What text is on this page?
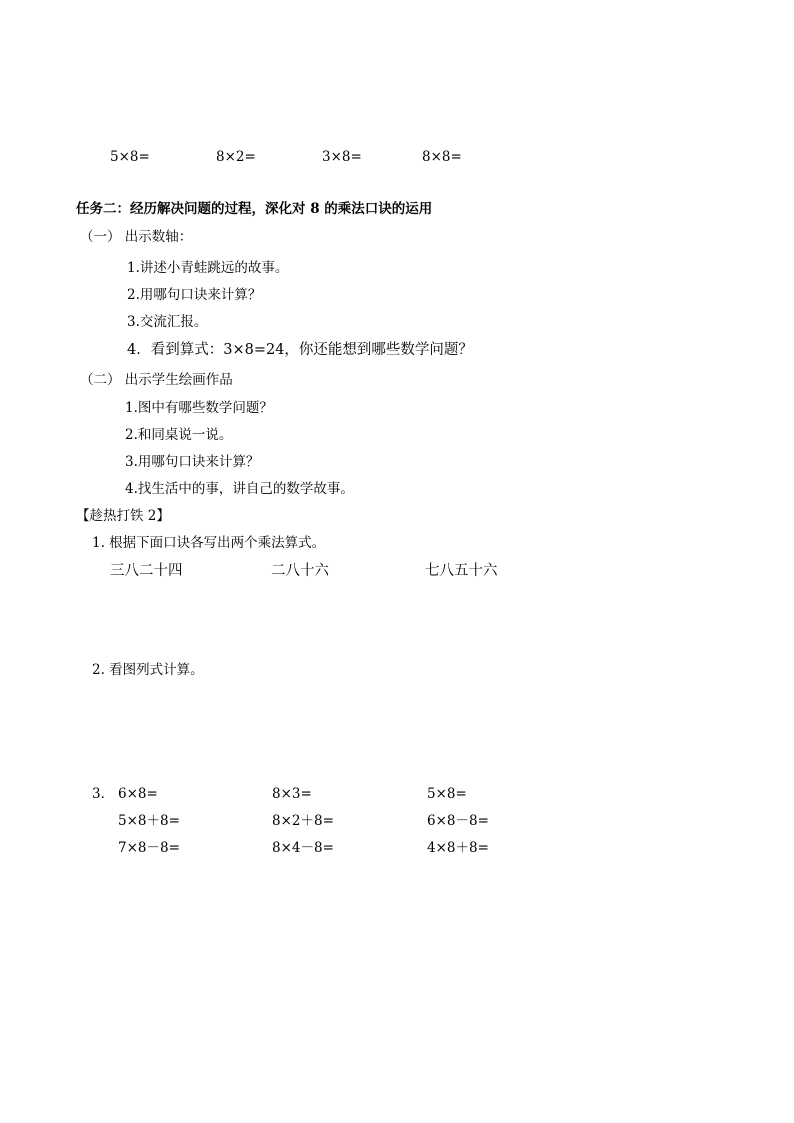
5×8=	8×2=	3×8=	8×8=
任务二：经历解决问题的过程，深化对 8 的乘法口诀的运用
（一） 出示数轴：
1.讲述小青蛙跳远的故事。
2.用哪句口诀来计算？
3.交流汇报。
4．看到算式：3×8=24，你还能想到哪些数学问题？
（二） 出示学生绘画作品
1.图中有哪些数学问题？
2.和同桌说一说。
3.用哪句口诀来计算？
4.找生活中的事，讲自己的数学故事。
【趁热打铁 2】
1. 根据下面口诀各写出两个乘法算式。
三八二十四	二八十六	七八五十六
2. 看图列式计算。
3． 6×8=	8×3=	5×8=
5×8＋8=	8×2＋8=	6×8－8=
7×8－8=	8×4－8=	4×8＋8=
